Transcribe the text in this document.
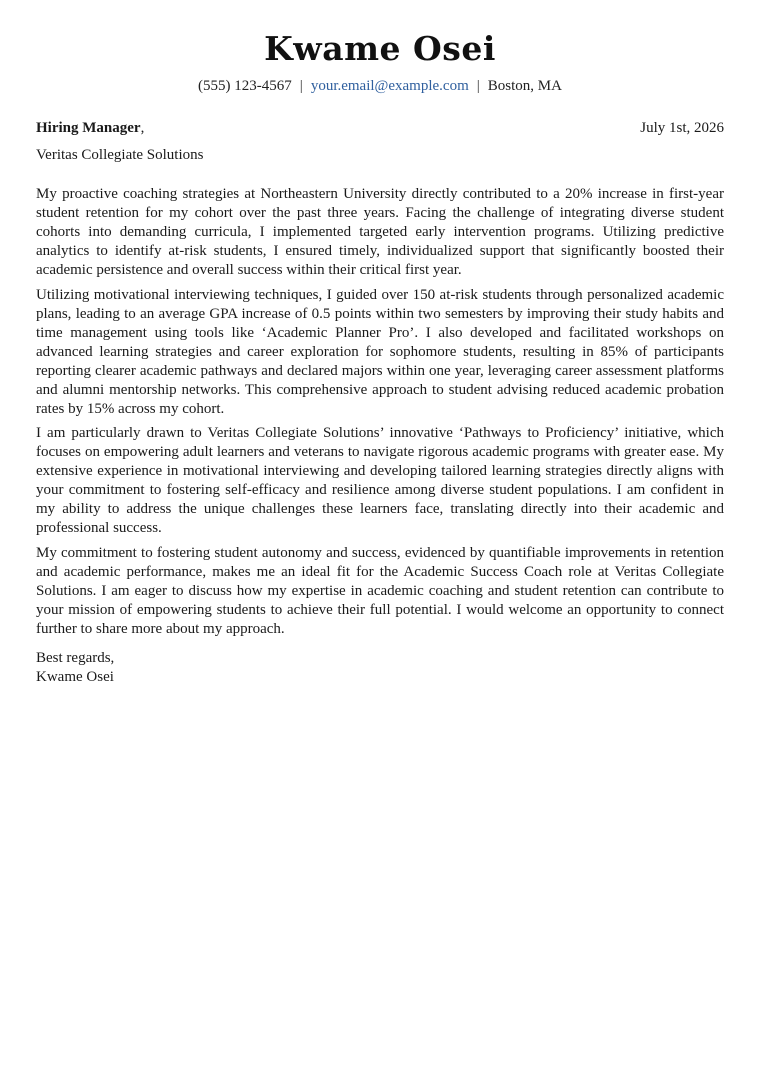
Kwame Osei
(555) 123-4567 | your.email@example.com | Boston, MA
Hiring Manager,	July 1st, 2026
Veritas Collegiate Solutions

My proactive coaching strategies at Northeastern University directly contributed to a 20% increase in first-year student retention for my cohort over the past three years. Facing the challenge of integrating diverse student cohorts into demanding curricula, I implemented targeted early intervention programs. Utilizing predictive analytics to identify at-risk students, I ensured timely, individualized support that significantly boosted their academic persistence and overall success within their critical first year.

Utilizing motivational interviewing techniques, I guided over 150 at-risk students through personalized academic plans, leading to an average GPA increase of 0.5 points within two semesters by improving their study habits and time management using tools like ‘Academic Planner Pro’. I also developed and facilitated workshops on advanced learning strategies and career exploration for sophomore students, resulting in 85% of participants reporting clearer academic pathways and declared majors within one year, leveraging career assessment platforms and alumni mentorship networks. This comprehensive approach to student advising reduced academic probation rates by 15% across my cohort.

I am particularly drawn to Veritas Collegiate Solutions’ innovative ‘Pathways to Proficiency’ initiative, which focuses on empowering adult learners and veterans to navigate rigorous academic programs with greater ease. My extensive experience in motivational interviewing and developing tailored learning strategies directly aligns with your commitment to fostering self-efficacy and resilience among diverse student populations. I am confident in my ability to address the unique challenges these learners face, translating directly into their academic and professional success.

My commitment to fostering student autonomy and success, evidenced by quantifiable improvements in retention and academic performance, makes me an ideal fit for the Academic Success Coach role at Veritas Collegiate Solutions. I am eager to discuss how my expertise in academic coaching and student retention can contribute to your mission of empowering students to achieve their full potential. I would welcome an opportunity to connect further to share more about my approach.

Best regards,
Kwame Osei
